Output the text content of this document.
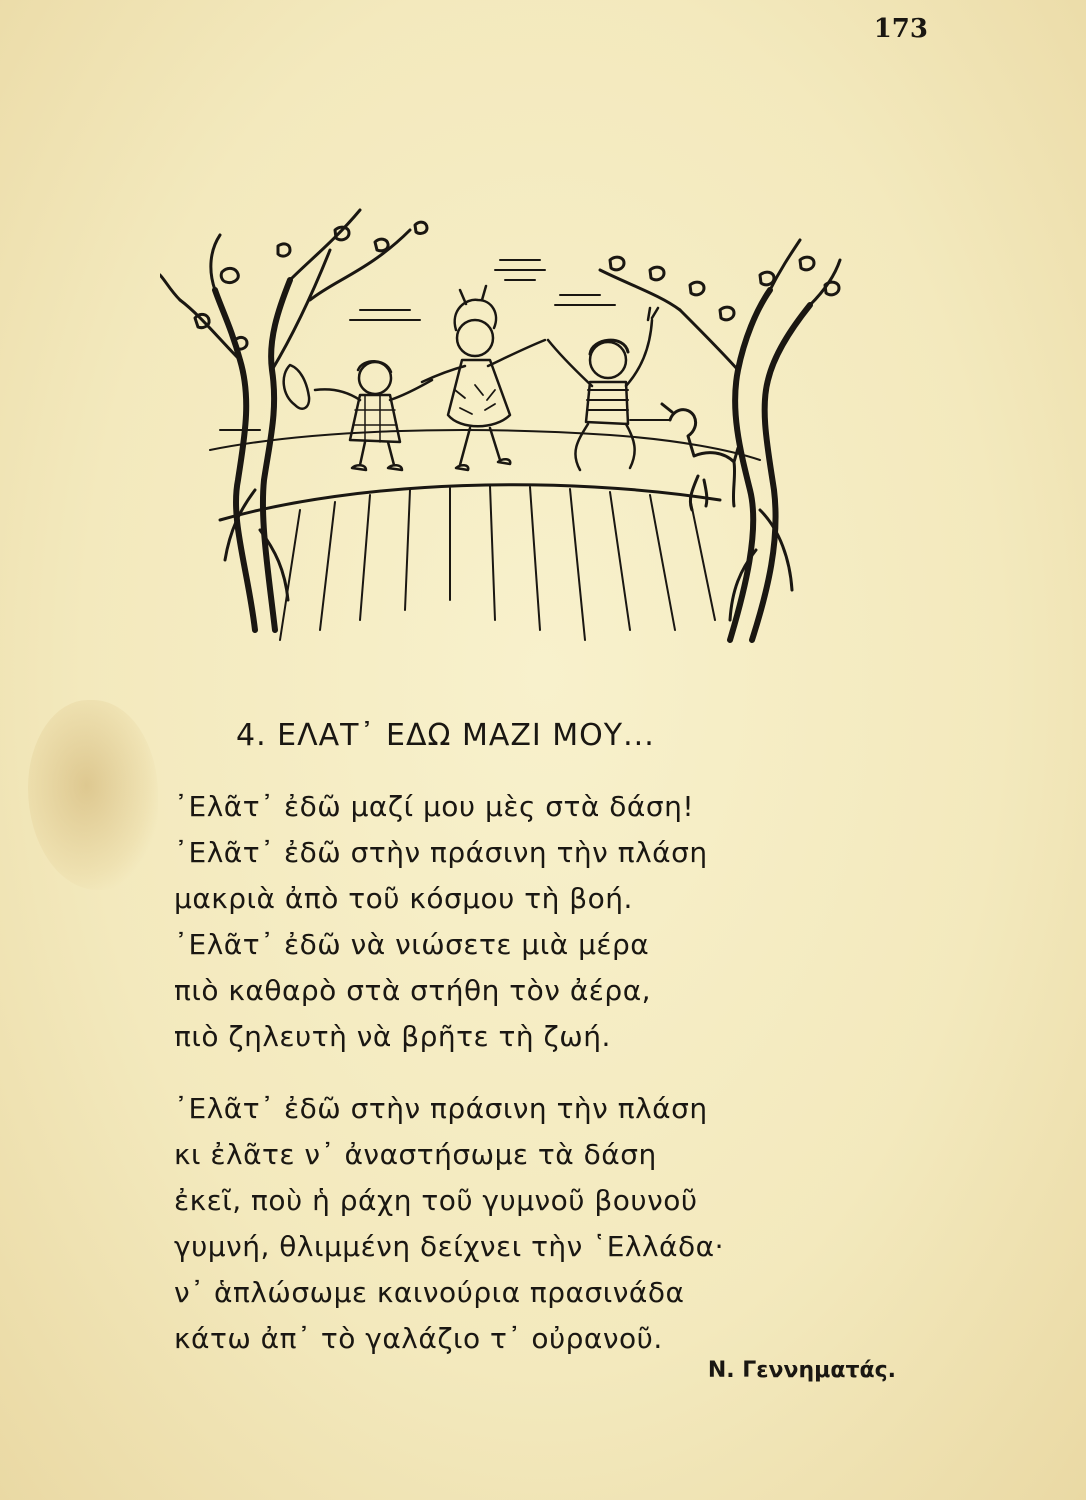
173
4. ΕΛΑΤ᾽ ΕΔΩ ΜΑΖΙ ΜΟΥ...
᾽Ελᾶτ᾽ ἐδῶ μαζί μου μὲς στὰ δάση!
᾽Ελᾶτ᾽ ἐδῶ στὴν πράσινη τὴν πλάση
μακριὰ ἀπὸ τοῦ κόσμου τὴ βοή.
᾽Ελᾶτ᾽ ἐδῶ νὰ νιώσετε μιὰ μέρα
πιὸ καθαρὸ στὰ στήθη τὸν ἀέρα,
πιὸ ζηλευτὴ νὰ βρῆτε τὴ ζωή.
᾽Ελᾶτ᾽ ἐδῶ στὴν πράσινη τὴν πλάση
κι ἐλᾶτε ν᾽ ἀναστήσωμε τὰ δάση
ἐκεῖ, ποὺ ἡ ράχη τοῦ γυμνοῦ βουνοῦ
γυμνή, θλιμμένη δείχνει τὴν ῾Ελλάδα·
ν᾽ ἁπλώσωμε καινούρια πρασινάδα
κάτω ἀπ᾽ τὸ γαλάζιο τ᾽ οὐρανοῦ.
Ν. Γεννηματάς.
